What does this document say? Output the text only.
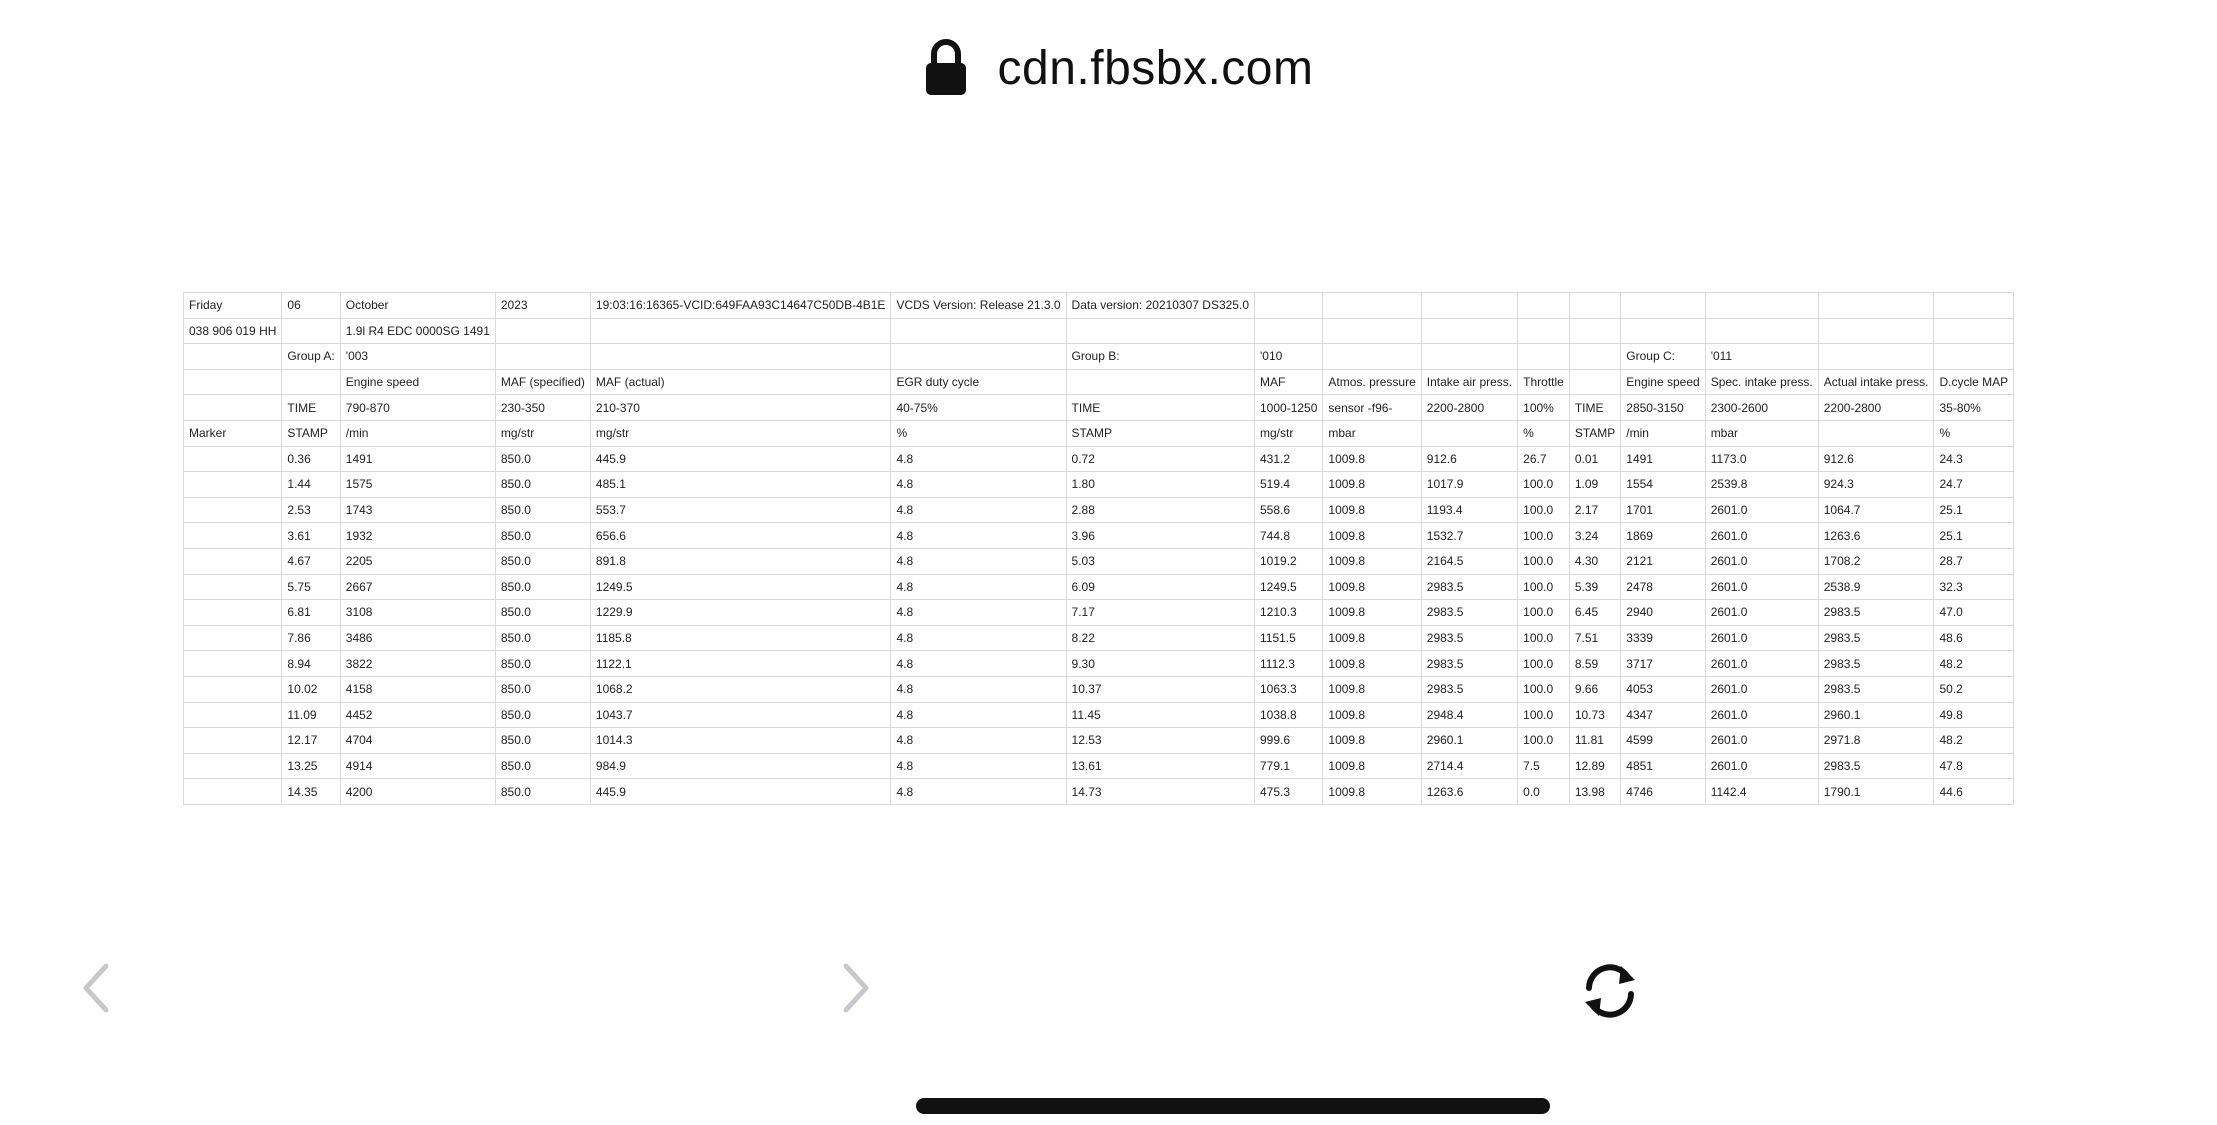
cdn.fbsbx.com
Friday	06	October	2023	19:03:16:16365-VCID:649FAA93C14647C50DB-4B1E	VCDS Version: Release 21.3.0	Data version: 20210307 DS325.0									
038 906 019 HH		1.9l R4 EDC 0000SG 1491													
	Group A:	'003				Group B:	'010					Group C:	'011		
		Engine speed	MAF (specified)	MAF (actual)	EGR duty cycle		MAF	Atmos. pressure	Intake air press.	Throttle		Engine speed	Spec. intake press.	Actual intake press.	D.cycle MAP
	TIME	790-870	230-350	210-370	40-75%	TIME	1000-1250	sensor -f96-	2200-2800	100%	TIME	2850-3150	2300-2600	2200-2800	35-80%
Marker	STAMP	/min	mg/str	mg/str	%	STAMP	mg/str	mbar		%	STAMP	/min	mbar		%
	0.36	1491	850.0	445.9	4.8	0.72	431.2	1009.8	912.6	26.7	0.01	1491	1173.0	912.6	24.3
	1.44	1575	850.0	485.1	4.8	1.80	519.4	1009.8	1017.9	100.0	1.09	1554	2539.8	924.3	24.7
	2.53	1743	850.0	553.7	4.8	2.88	558.6	1009.8	1193.4	100.0	2.17	1701	2601.0	1064.7	25.1
	3.61	1932	850.0	656.6	4.8	3.96	744.8	1009.8	1532.7	100.0	3.24	1869	2601.0	1263.6	25.1
	4.67	2205	850.0	891.8	4.8	5.03	1019.2	1009.8	2164.5	100.0	4.30	2121	2601.0	1708.2	28.7
	5.75	2667	850.0	1249.5	4.8	6.09	1249.5	1009.8	2983.5	100.0	5.39	2478	2601.0	2538.9	32.3
	6.81	3108	850.0	1229.9	4.8	7.17	1210.3	1009.8	2983.5	100.0	6.45	2940	2601.0	2983.5	47.0
	7.86	3486	850.0	1185.8	4.8	8.22	1151.5	1009.8	2983.5	100.0	7.51	3339	2601.0	2983.5	48.6
	8.94	3822	850.0	1122.1	4.8	9.30	1112.3	1009.8	2983.5	100.0	8.59	3717	2601.0	2983.5	48.2
	10.02	4158	850.0	1068.2	4.8	10.37	1063.3	1009.8	2983.5	100.0	9.66	4053	2601.0	2983.5	50.2
	11.09	4452	850.0	1043.7	4.8	11.45	1038.8	1009.8	2948.4	100.0	10.73	4347	2601.0	2960.1	49.8
	12.17	4704	850.0	1014.3	4.8	12.53	999.6	1009.8	2960.1	100.0	11.81	4599	2601.0	2971.8	48.2
	13.25	4914	850.0	984.9	4.8	13.61	779.1	1009.8	2714.4	7.5	12.89	4851	2601.0	2983.5	47.8
	14.35	4200	850.0	445.9	4.8	14.73	475.3	1009.8	1263.6	0.0	13.98	4746	1142.4	1790.1	44.6
